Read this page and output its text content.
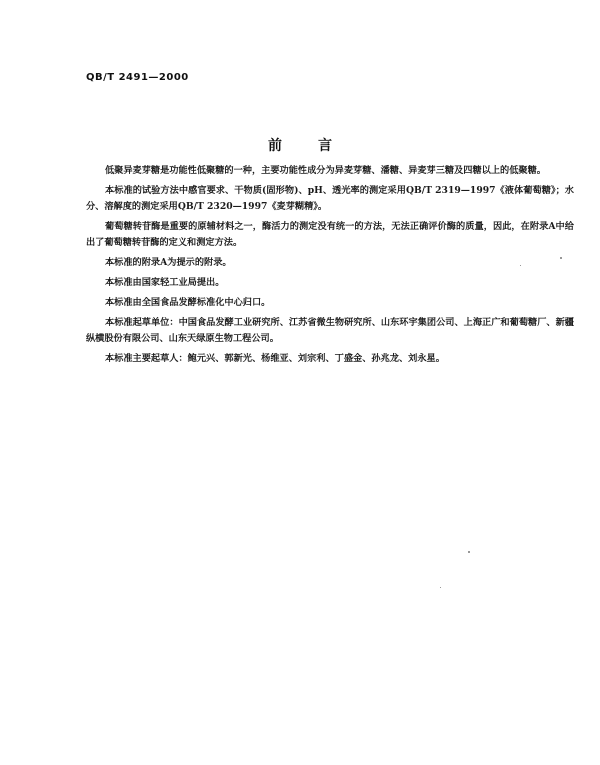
QB/T 2491—2000
前言

低聚异麦芽糖是功能性低聚糖的一种，主要功能性成分为异麦芽糖、潘糖、异麦芽三糖及四糖以上的低聚糖。

本标准的试验方法中感官要求、干物质(固形物)、pH、透光率的测定采用QB/T 2319—1997《液体葡萄糖》；水分、溶解度的测定采用QB/T 2320—1997《麦芽糊精》。

葡萄糖转苷酶是重要的原辅材料之一，酶活力的测定没有统一的方法，无法正确评价酶的质量，因此，在附录A中给出了葡萄糖转苷酶的定义和测定方法。

本标准的附录A为提示的附录。

本标准由国家轻工业局提出。

本标准由全国食品发酵标准化中心归口。

本标准起草单位：中国食品发酵工业研究所、江苏省微生物研究所、山东环宇集团公司、上海正广和葡萄糖厂、新疆纵横股份有限公司、山东天绿原生物工程公司。

本标准主要起草人：鲍元兴、郭新光、杨维亚、刘宗利、丁盛金、孙兆龙、刘永星。
